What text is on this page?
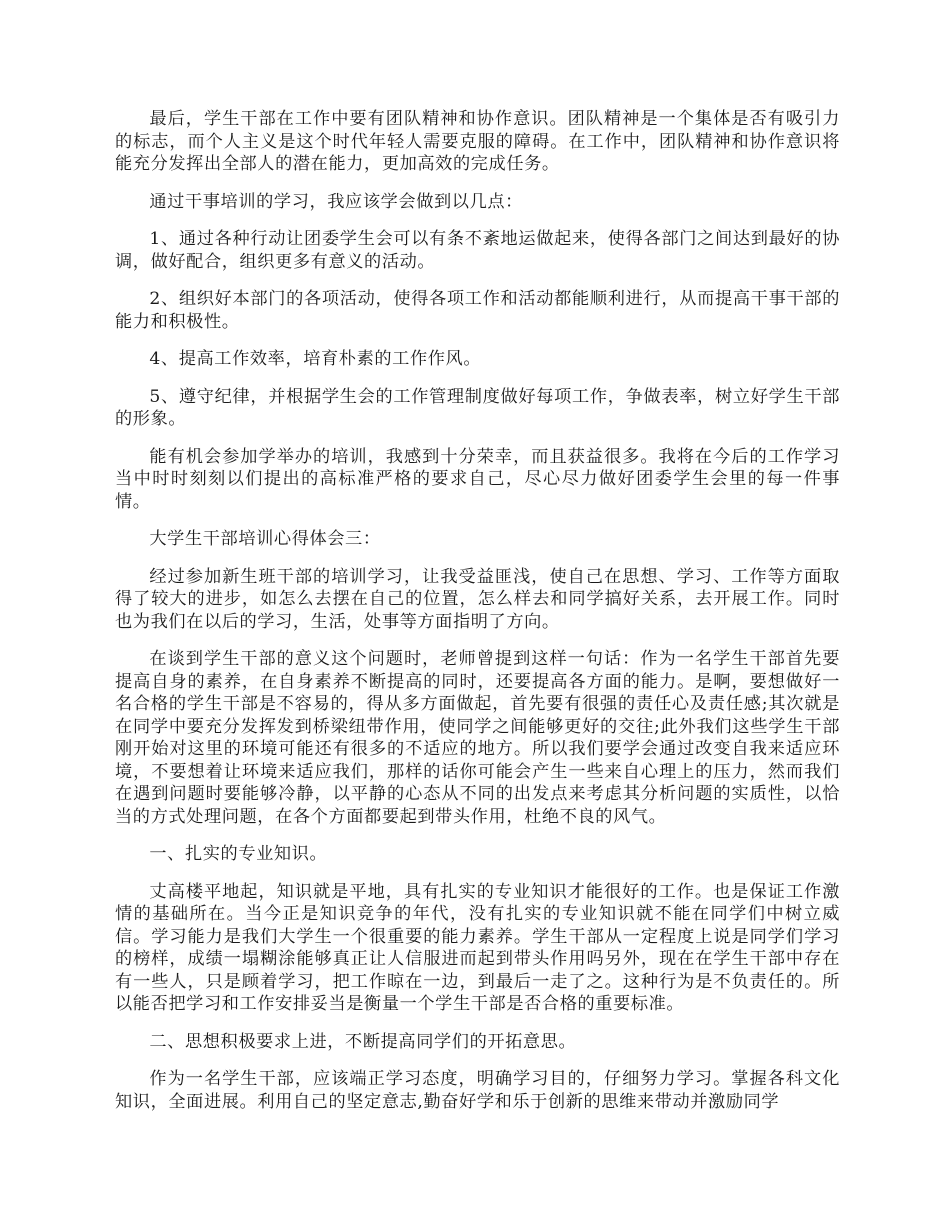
最后，学生干部在工作中要有团队精神和协作意识。团队精神是一个集体是否有吸引力的标志，而个人主义是这个时代年轻人需要克服的障碍。在工作中，团队精神和协作意识将能充分发挥出全部人的潜在能力，更加高效的完成任务。

通过干事培训的学习，我应该学会做到以几点：

1、通过各种行动让团委学生会可以有条不紊地运做起来，使得各部门之间达到最好的协调，做好配合，组织更多有意义的活动。

2、组织好本部门的各项活动，使得各项工作和活动都能顺利进行，从而提高干事干部的能力和积极性。

4、提高工作效率，培育朴素的工作作风。

5、遵守纪律，并根据学生会的工作管理制度做好每项工作，争做表率，树立好学生干部的形象。

能有机会参加学举办的培训，我感到十分荣幸，而且获益很多。我将在今后的工作学习当中时时刻刻以们提出的高标准严格的要求自己，尽心尽力做好团委学生会里的每一件事情。

大学生干部培训心得体会三：

经过参加新生班干部的培训学习，让我受益匪浅，使自己在思想、学习、工作等方面取得了较大的进步，如怎么去摆在自己的位置，怎么样去和同学搞好关系，去开展工作。同时也为我们在以后的学习，生活，处事等方面指明了方向。

在谈到学生干部的意义这个问题时，老师曾提到这样一句话：作为一名学生干部首先要提高自身的素养，在自身素养不断提高的同时，还要提高各方面的能力。是啊，要想做好一名合格的学生干部是不容易的，得从多方面做起，首先要有很强的责任心及责任感;其次就是在同学中要充分发挥发到桥梁纽带作用，使同学之间能够更好的交往;此外我们这些学生干部刚开始对这里的环境可能还有很多的不适应的地方。所以我们要学会通过改变自我来适应环境，不要想着让环境来适应我们，那样的话你可能会产生一些来自心理上的压力，然而我们在遇到问题时要能够冷静，以平静的心态从不同的出发点来考虑其分析问题的实质性，以恰当的方式处理问题，在各个方面都要起到带头作用，杜绝不良的风气。

一、扎实的专业知识。

丈高楼平地起，知识就是平地，具有扎实的专业知识才能很好的工作。也是保证工作激情的基础所在。当今正是知识竞争的年代，没有扎实的专业知识就不能在同学们中树立威信。学习能力是我们大学生一个很重要的能力素养。学生干部从一定程度上说是同学们学习的榜样，成绩一塌糊涂能够真正让人信服进而起到带头作用吗另外，现在在学生干部中存在有一些人，只是顾着学习，把工作晾在一边，到最后一走了之。这种行为是不负责任的。所以能否把学习和工作安排妥当是衡量一个学生干部是否合格的重要标准。

二、思想积极要求上进，不断提高同学们的开拓意思。

作为一名学生干部，应该端正学习态度，明确学习目的，仔细努力学习。掌握各科文化知识，全面进展。利用自己的坚定意志,勤奋好学和乐于创新的思维来带动并激励同学
